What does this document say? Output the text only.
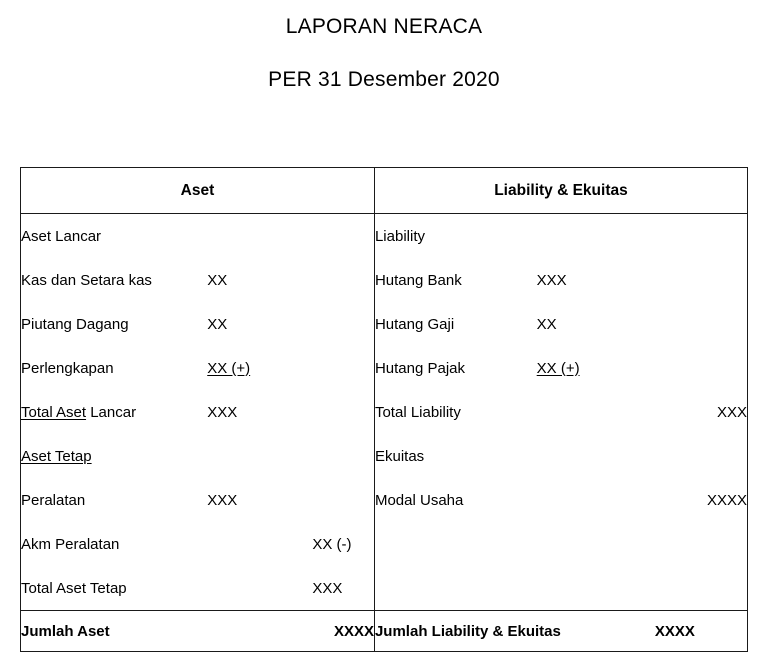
LAPORAN NERACA
PER 31 Desember 2020
Aset			Liability & Ekuitas		
Aset Lancar			Liability		
Kas dan Setara kas	XX		Hutang Bank	XXX	
Piutang Dagang	XX		Hutang Gaji	XX	
Perlengkapan	XX (+)		Hutang Pajak	XX (+)	
Total Aset Lancar	XXX		Total Liability		XXX
Aset Tetap			Ekuitas		
Peralatan	XXX		Modal Usaha		XXXX
Akm Peralatan		XX (-)			
Total Aset Tetap		XXX			
Jumlah Aset		XXXX	Jumlah Liability & Ekuitas		XXXX
